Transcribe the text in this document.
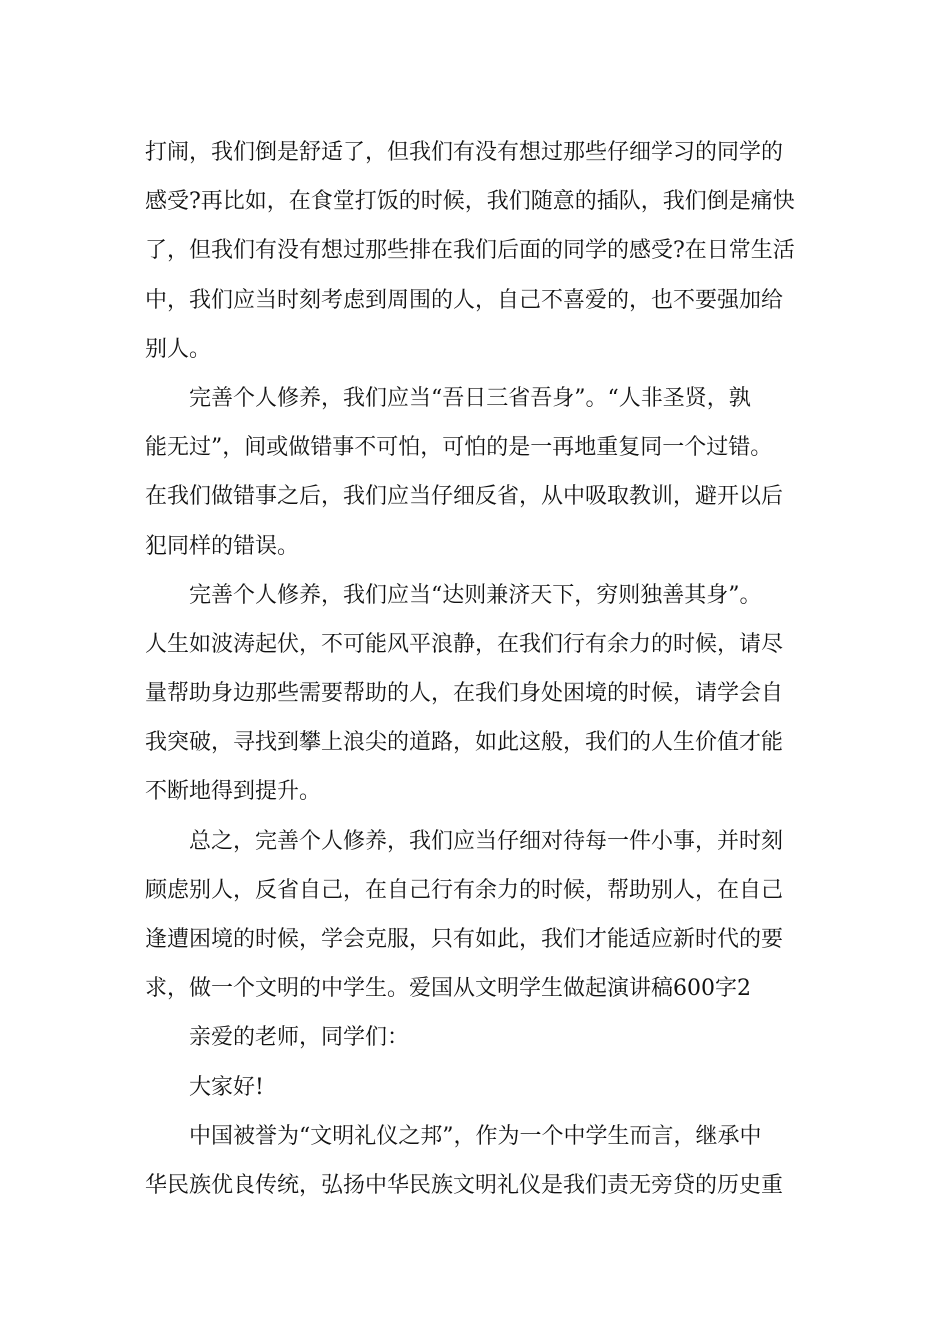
打闹，我们倒是舒适了，但我们有没有想过那些仔细学习的同学的
感受?再比如，在食堂打饭的时候，我们随意的插队，我们倒是痛快
了，但我们有没有想过那些排在我们后面的同学的感受?在日常生活
中，我们应当时刻考虑到周围的人，自己不喜爱的，也不要强加给
别人。
完善个人修养，我们应当“吾日三省吾身”。“人非圣贤，孰
能无过”，间或做错事不可怕，可怕的是一再地重复同一个过错。
在我们做错事之后，我们应当仔细反省，从中吸取教训，避开以后
犯同样的错误。
完善个人修养，我们应当“达则兼济天下，穷则独善其身”。
人生如波涛起伏，不可能风平浪静，在我们行有余力的时候，请尽
量帮助身边那些需要帮助的人，在我们身处困境的时候，请学会自
我突破，寻找到攀上浪尖的道路，如此这般，我们的人生价值才能
不断地得到提升。
总之，完善个人修养，我们应当仔细对待每一件小事，并时刻
顾虑别人，反省自己，在自己行有余力的时候，帮助别人，在自己
逢遭困境的时候，学会克服，只有如此，我们才能适应新时代的要
求，做一个文明的中学生。爱国从文明学生做起演讲稿600字2
亲爱的老师，同学们：
大家好!
中国被誉为“文明礼仪之邦”，作为一个中学生而言，继承中
华民族优良传统，弘扬中华民族文明礼仪是我们责无旁贷的历史重
